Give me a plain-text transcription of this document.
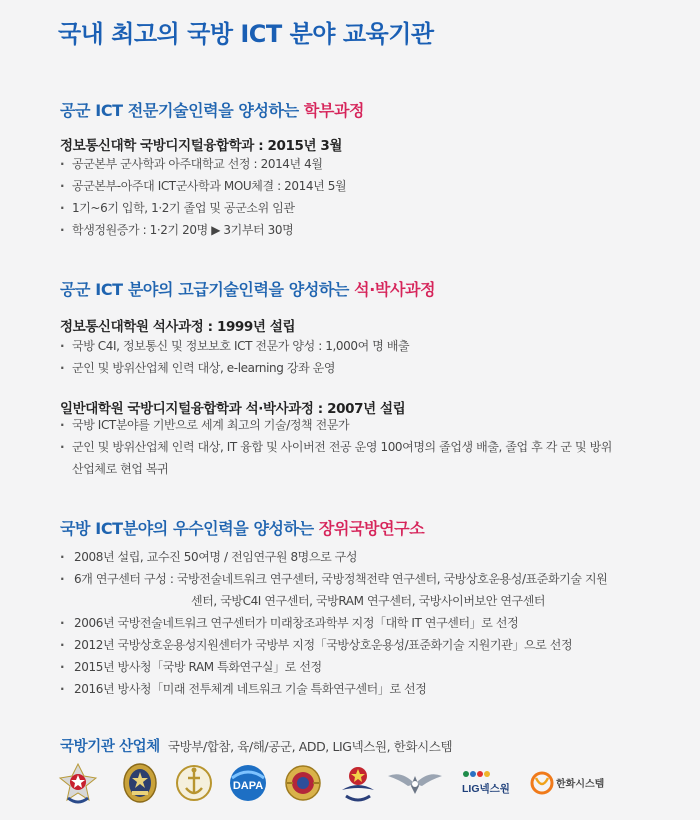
국내 최고의 국방 ICT 분야 교육기관
공군 ICT 전문기술인력을 양성하는 학부과정
정보통신대학 국방디지털융합학과 : 2015년 3월
· 공군본부 군사학과 아주대학교 선정 : 2014년 4월
· 공군본부-아주대 ICT군사학과 MOU체결 : 2014년 5월
· 1기~6기 입학, 1·2기 졸업 및 공군소위 임관
· 학생정원증가 : 1·2기 20명 ▶ 3기부터 30명
공군 ICT 분야의 고급기술인력을 양성하는 석·박사과정
정보통신대학원 석사과정 : 1999년 설립
· 국방 C4I, 정보통신 및 정보보호 ICT 전문가 양성 : 1,000여 명 배출
· 군인 및 방위산업체 인력 대상, e-learning 강좌 운영
일반대학원 국방디지털융합학과 석·박사과정 : 2007년 설립
· 국방 ICT분야를 기반으로 세계 최고의 기술/정책 전문가
· 군인 및 방위산업체 인력 대상, IT 융합 및 사이버전 전공 운영 100여명의 졸업생 배출, 졸업 후 각 군 및 방위
산업체로 현업 복귀
국방 ICT분야의 우수인력을 양성하는 장위국방연구소
· 2008년 설립, 교수진 50여명 / 전임연구원 8명으로 구성
· 6개 연구센터 구성 : 국방전술네트워크 연구센터, 국방정책전략 연구센터, 국방상호운용성/표준화기술 지원
센터, 국방C4I 연구센터, 국방RAM 연구센터, 국방사이버보안 연구센터
· 2006년 국방전술네트워크 연구센터가 미래창조과학부 지정「대학 IT 연구센터」로 선정
· 2012년 국방상호운용성지원센터가 국방부 지정「국방상호운용성/표준화기술 지원기관」으로 선정
· 2015년 방사청「국방 RAM 특화연구실」로 선정
· 2016년 방사청「미래 전투체계 네트워크 기술 특화연구센터」로 선정
국방기관 산업체 국방부/합참, 육/해/공군, ADD, LIG넥스원, 한화시스템
DAPA	LIG넥스원	한화시스템
